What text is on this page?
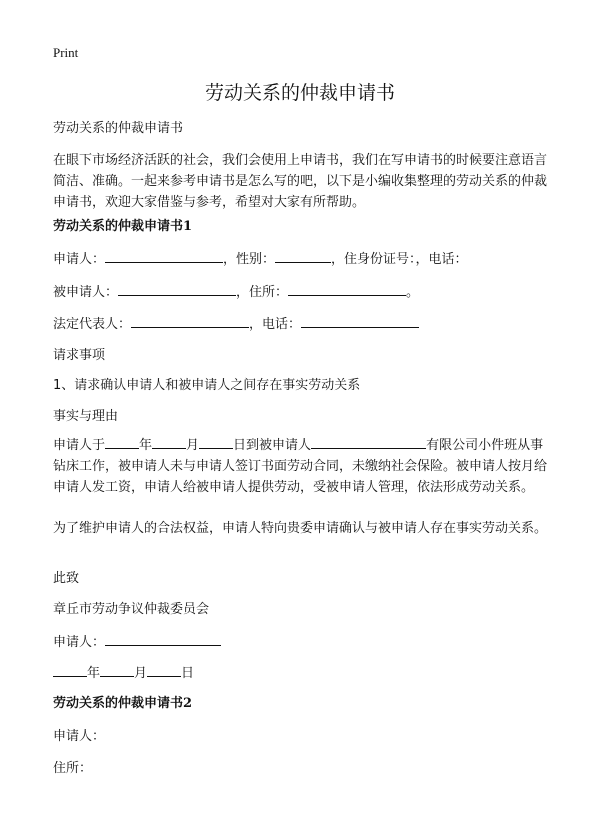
Print
劳动关系的仲裁申请书
劳动关系的仲裁申请书
在眼下市场经济活跃的社会，我们会使用上申请书，我们在写申请书的时候要注意语言简洁、准确。一起来参考申请书是怎么写的吧，以下是小编收集整理的劳动关系的仲裁申请书，欢迎大家借鉴与参考，希望对大家有所帮助。
劳动关系的仲裁申请书1
申请人：	，性别：	，住身份证号：，电话：
被申请人：	，住所：	。
法定代表人：	，电话：
请求事项
1、请求确认申请人和被申请人之间存在事实劳动关系
事实与理由
申请人于	年	月	日到被申请人	有限公司小件班从事钻床工作，被申请人未与申请人签订书面劳动合同，未缴纳社会保险。被申请人按月给申请人发工资，申请人给被申请人提供劳动，受被申请人管理，依法形成劳动关系。
为了维护申请人的合法权益，申请人特向贵委申请确认与被申请人存在事实劳动关系。
此致
章丘市劳动争议仲裁委员会
申请人：
年	月	日
劳动关系的仲裁申请书2
申请人：
住所：
